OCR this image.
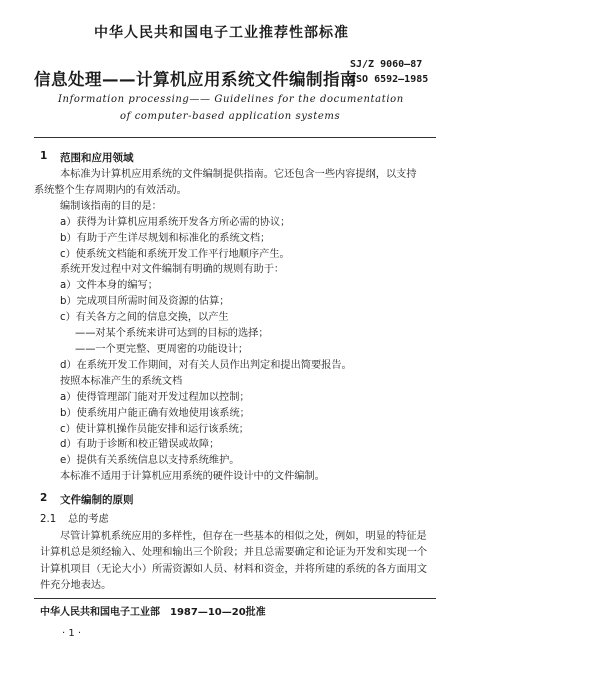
中华人民共和国电子工业推荐性部标准
信息处理——计算机应用系统文件编制指南
SJ/Z 9060—87
ISO 6592—1985
Information processing—— Guidelines for the documentation
of computer-based application systems
1 范围和应用领域
本标准为计算机应用系统的文件编制提供指南。它还包含一些内容提纲，以支持
系统整个生存周期内的有效活动。
编制该指南的目的是：
a）获得为计算机应用系统开发各方所必需的协议；
b）有助于产生详尽规划和标准化的系统文档；
c）使系统文档能和系统开发工作平行地顺序产生。
系统开发过程中对文件编制有明确的规则有助于：
a）文件本身的编写；
b）完成项目所需时间及资源的估算；
c）有关各方之间的信息交换，以产生
——对某个系统来讲可达到的目标的选择；
——一个更完整、更周密的功能设计；
d）在系统开发工作期间，对有关人员作出判定和提出简要报告。
按照本标准产生的系统文档
a）使得管理部门能对开发过程加以控制；
b）使系统用户能正确有效地使用该系统；
c）使计算机操作员能安排和运行该系统；
d）有助于诊断和校正错误或故障；
e）提供有关系统信息以支持系统维护。
本标准不适用于计算机应用系统的硬件设计中的文件编制。
2 文件编制的原则
2.1 总的考虑
尽管计算机系统应用的多样性，但存在一些基本的相似之处，例如，明显的特征是
计算机总是须经输入、处理和输出三个阶段；并且总需要确定和论证为开发和实现一个
计算机项目（无论大小）所需资源如人员、材料和资金，并将所建的系统的各方面用文
件充分地表达。
中华人民共和国电子工业部　1987—10—20批准
· 1 ·
